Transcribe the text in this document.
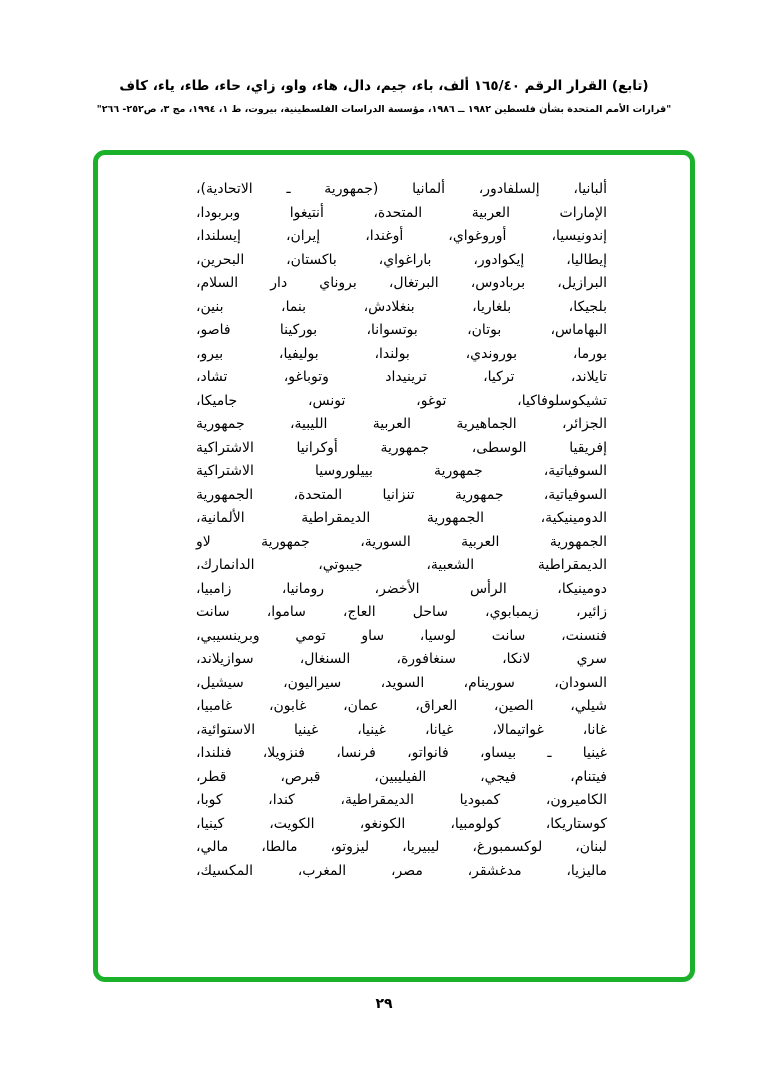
(تابع) القرار الرقم ١٦٥/٤٠ ألف، باء، جيم، دال، هاء، واو، زاي، حاء، طاء، ياء، كاف
"قرارات الأمم المتحدة بشأن فلسطين ١٩٨٢ ــ ١٩٨٦، مؤسسة الدراسات الفلسطينية، بيروت، ط ١، ١٩٩٤، مج ٣، ص٢٥٢- ٢٦٦"
ألبانيا، إلسلفادور، ألمانيا (جمهورية ـ الاتحادية)،
الإمارات العربية المتحدة، أنتيغوا وبربودا،
إندونيسيا، أوروغواي، أوغندا، إيران، إيسلندا،
إيطاليا، إيكوادور، باراغواي، باكستان، البحرين،
البرازيل، بربادوس، البرتغال، بروناي دار السلام،
بلجيكا، بلغاريا، بنغلادش، بنما، بنين،
البهاماس، بوتان، بوتسوانا، بوركينا فاصو،
بورما، بوروندي، بولندا، بوليفيا، بيرو،
تايلاند، تركيا، ترينيداد وتوباغو، تشاد،
تشيكوسلوفاكيا، توغو، تونس، جاميكا،
الجزائر، الجماهيرية العربية الليبية، جمهورية
إفريقيا الوسطى، جمهورية أوكرانيا الاشتراكية
السوفياتية، جمهورية بييلوروسيا الاشتراكية
السوفياتية، جمهورية تنزانيا المتحدة، الجمهورية
الدومينيكية، الجمهورية الديمقراطية الألمانية،
الجمهورية العربية السورية، جمهورية لاو
الديمقراطية الشعبية، جيبوتي، الدانمارك،
دومينيكا، الرأس الأخضر، رومانيا، زامبيا،
زائير، زيمبابوي، ساحل العاج، ساموا، سانت
فنسنت، سانت لوسيا، ساو تومي وبرينسيبي،
سري لانكا، سنغافورة، السنغال، سوازيلاند،
السودان، سورينام، السويد، سيراليون، سيشيل،
شيلي، الصين، العراق، عمان، غابون، غامبيا،
غانا، غواتيمالا، غيانا، غينيا، غينيا الاستوائية،
غينيا ـ بيساو، فانواتو، فرنسا، فنزويلا، فنلندا،
فيتنام، فيجي، الفيليبين، قبرص، قطر،
الكاميرون، كمبوديا الديمقراطية، كندا، كوبا،
كوستاريكا، كولومبيا، الكونغو، الكويت، كينيا،
لبنان، لوكسمبورغ، ليبيريا، ليزوتو، مالطا، مالي،
ماليزيا، مدغشقر، مصر، المغرب، المكسيك،
٢٩
